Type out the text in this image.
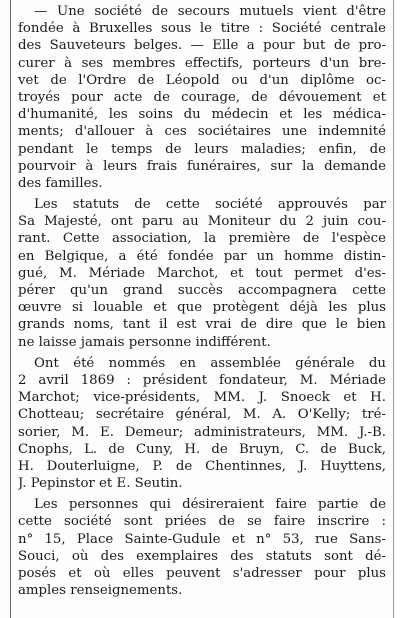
— Une société de secours mutuels vient d'être
fondée à Bruxelles sous le titre : Société centrale
des Sauveteurs belges. — Elle a pour but de pro-
curer à ses membres effectifs, porteurs d'un bre-
vet de l'Ordre de Léopold ou d'un diplôme oc-
troyés pour acte de courage, de dévouement et
d'humanité, les soins du médecin et les médica-
ments; d'allouer à ces sociétaires une indemnité
pendant le temps de leurs maladies; enfin, de
pourvoir à leurs frais funéraires, sur la demande
des familles.
Les statuts de cette société approuvés par
Sa Majesté, ont paru au Moniteur du 2 juin cou-
rant. Cette association, la première de l'espèce
en Belgique, a été fondée par un homme distin-
gué, M. Mériade Marchot, et tout permet d'es-
pérer qu'un grand succès accompagnera cette
œuvre si louable et que protègent déjà les plus
grands noms, tant il est vrai de dire que le bien
ne laisse jamais personne indifférent.
Ont été nommés en assemblée générale du
2 avril 1869 : président fondateur, M. Mériade
Marchot; vice-présidents, MM. J. Snoeck et H.
Chotteau; secrétaire général, M. A. O'Kelly; tré-
sorier, M. E. Demeur; administrateurs, MM. J.-B.
Cnophs, L. de Cuny, H. de Bruyn, C. de Buck,
H. Douterluigne, P. de Chentinnes, J. Huyttens,
J. Pepinstor et E. Seutin.
Les personnes qui désireraient faire partie de
cette société sont priées de se faire inscrire :
n° 15, Place Sainte-Gudule et n° 53, rue Sans-
Souci, où des exemplaires des statuts sont dé-
posés et où elles peuvent s'adresser pour plus
amples renseignements.
